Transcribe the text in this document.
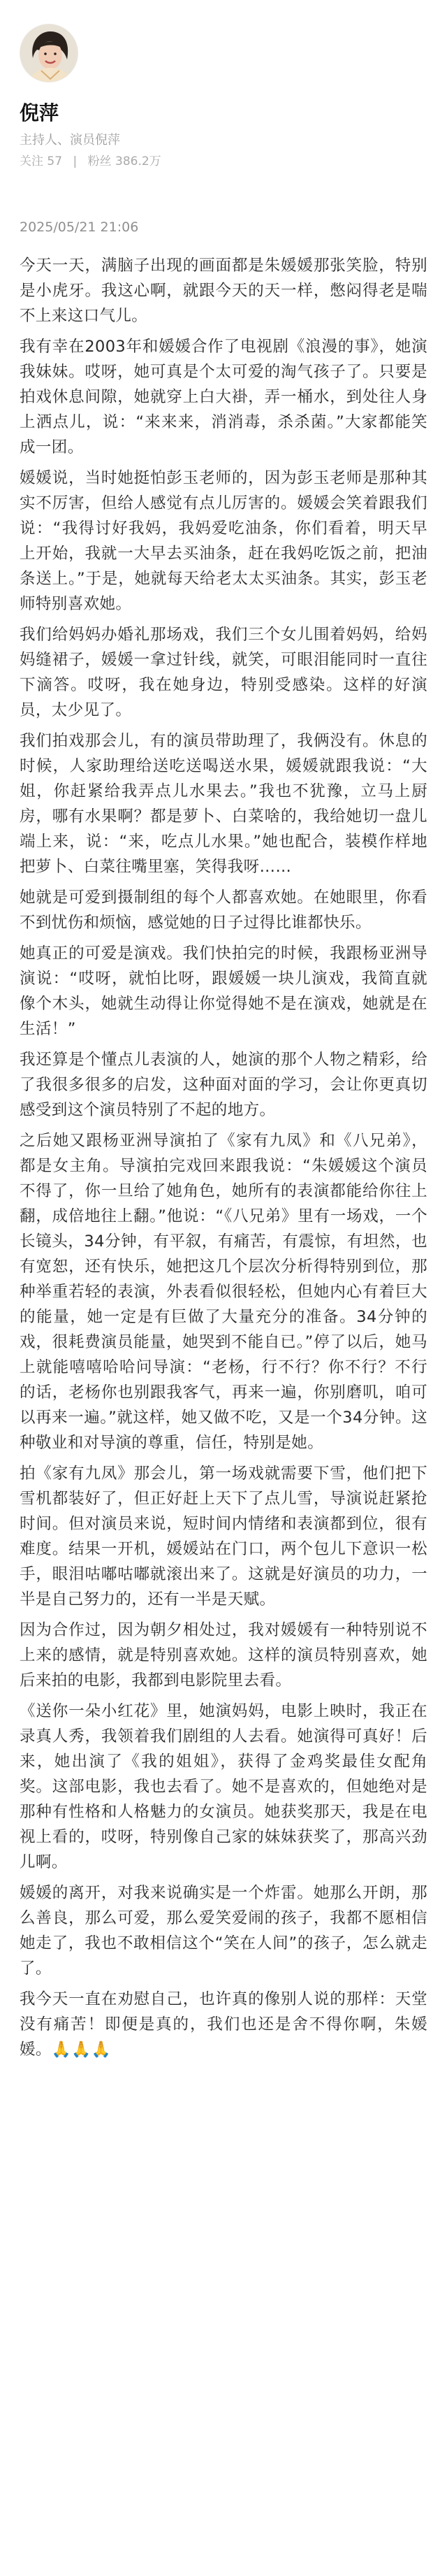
倪萍
主持人、演员倪萍
关注 57 | 粉丝 386.2万
2025/05/21 21:06

今天一天，满脑子出现的画面都是朱媛媛那张笑脸，特别是小虎牙。我这心啊，就跟今天的天一样，憋闷得老是喘不上来这口气儿。

我有幸在2003年和媛媛合作了电视剧《浪漫的事》，她演我妹妹。哎呀，她可真是个太可爱的淘气孩子了。只要是拍戏休息间隙，她就穿上白大褂，弄一桶水，到处往人身上洒点儿，说：“来来来，消消毒，杀杀菌。”大家都能笑成一团。

媛媛说，当时她挺怕彭玉老师的，因为彭玉老师是那种其实不厉害，但给人感觉有点儿厉害的。媛媛会笑着跟我们说：“我得讨好我妈，我妈爱吃油条，你们看着，明天早上开始，我就一大早去买油条，赶在我妈吃饭之前，把油条送上。”于是，她就每天给老太太买油条。其实，彭玉老师特别喜欢她。

我们给妈妈办婚礼那场戏，我们三个女儿围着妈妈，给妈妈缝裙子，媛媛一拿过针线，就笑，可眼泪能同时一直往下滴答。哎呀，我在她身边，特别受感染。这样的好演员，太少见了。

我们拍戏那会儿，有的演员带助理了，我俩没有。休息的时候，人家助理给送吃送喝送水果，媛媛就跟我说：“大姐，你赶紧给我弄点儿水果去。”我也不犹豫，立马上厨房，哪有水果啊？都是萝卜、白菜啥的，我给她切一盘儿端上来，说：“来，吃点儿水果。”她也配合，装模作样地把萝卜、白菜往嘴里塞，笑得我呀……

她就是可爱到摄制组的每个人都喜欢她。在她眼里，你看不到忧伤和烦恼，感觉她的日子过得比谁都快乐。

她真正的可爱是演戏。我们快拍完的时候，我跟杨亚洲导演说：“哎呀，就怕比呀，跟媛媛一块儿演戏，我简直就像个木头，她就生动得让你觉得她不是在演戏，她就是在生活！”

我还算是个懂点儿表演的人，她演的那个人物之精彩，给了我很多很多的启发，这种面对面的学习，会让你更真切感受到这个演员特别了不起的地方。

之后她又跟杨亚洲导演拍了《家有九凤》和《八兄弟》，都是女主角。导演拍完戏回来跟我说：“朱媛媛这个演员不得了，你一旦给了她角色，她所有的表演都能给你往上翻，成倍地往上翻。”他说：“《八兄弟》里有一场戏，一个长镜头，34分钟，有平叙，有痛苦，有震惊，有坦然，也有宽恕，还有快乐，她把这几个层次分析得特别到位，那种举重若轻的表演，外表看似很轻松，但她内心有着巨大的能量，她一定是有巨做了大量充分的准备。34分钟的戏，很耗费演员能量，她哭到不能自已。”停了以后，她马上就能嘻嘻哈哈问导演：“老杨，行不行？你不行？不行的话，老杨你也别跟我客气，再来一遍，你别磨叽，咱可以再来一遍。”就这样，她又做不吃，又是一个34分钟。这种敬业和对导演的尊重，信任，特别是她。

拍《家有九凤》那会儿，第一场戏就需要下雪，他们把下雪机都装好了，但正好赶上天下了点儿雪，导演说赶紧抢时间。但对演员来说，短时间内情绪和表演都到位，很有难度。结果一开机，媛媛站在门口，两个包儿下意识一松手，眼泪咕嘟咕嘟就滚出来了。这就是好演员的功力，一半是自己努力的，还有一半是天赋。

因为合作过，因为朝夕相处过，我对媛媛有一种特别说不上来的感情，就是特别喜欢她。这样的演员特别喜欢，她后来拍的电影，我都到电影院里去看。

《送你一朵小红花》里，她演妈妈，电影上映时，我正在录真人秀，我领着我们剧组的人去看。她演得可真好！后来，她出演了《我的姐姐》，获得了金鸡奖最佳女配角奖。这部电影，我也去看了。她不是喜欢的，但她绝对是那种有性格和人格魅力的女演员。她获奖那天，我是在电视上看的，哎呀，特别像自己家的妹妹获奖了，那高兴劲儿啊。

媛媛的离开，对我来说确实是一个炸雷。她那么开朗，那么善良，那么可爱，那么爱笑爱闹的孩子，我都不愿相信她走了，我也不敢相信这个“笑在人间”的孩子，怎么就走了。

我今天一直在劝慰自己，也许真的像别人说的那样：天堂没有痛苦！即便是真的，我们也还是舍不得你啊，朱媛媛。🙏🙏🙏
